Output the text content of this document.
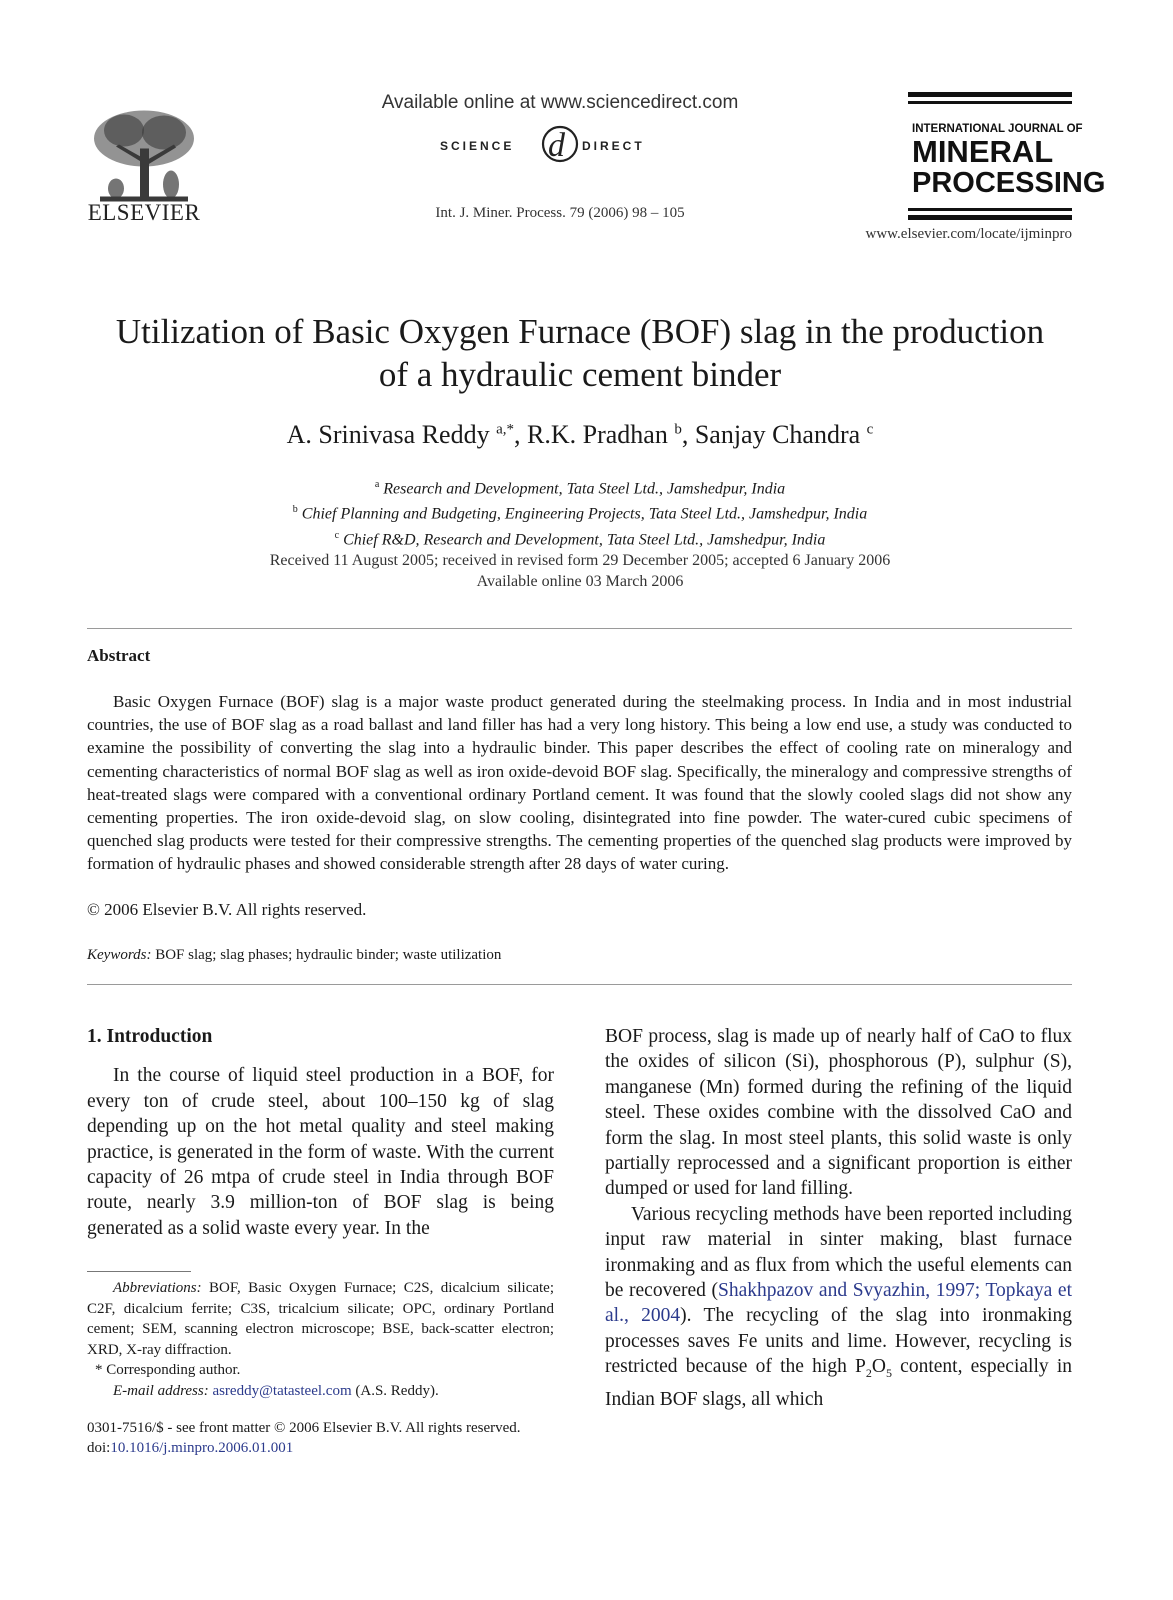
ELSEVIER
Available online at www.sciencedirect.com
SCIENCE d DIRECT
Int. J. Miner. Process. 79 (2006) 98 – 105
INTERNATIONAL JOURNAL OF
MINERAL
PROCESSING
www.elsevier.com/locate/ijminpro
Utilization of Basic Oxygen Furnace (BOF) slag in the production
of a hydraulic cement binder
A. Srinivasa Reddy $^{a,*}$, R.K. Pradhan $^b$, Sanjay Chandra $^c$
$^a$ Research and Development, Tata Steel Ltd., Jamshedpur, India
$^b$ Chief Planning and Budgeting, Engineering Projects, Tata Steel Ltd., Jamshedpur, India
$^c$ Chief R&D, Research and Development, Tata Steel Ltd., Jamshedpur, India
Received 11 August 2005; received in revised form 29 December 2005; accepted 6 January 2006
Available online 03 March 2006
Abstract
Basic Oxygen Furnace (BOF) slag is a major waste product generated during the steelmaking process. In India and in most industrial countries, the use of BOF slag as a road ballast and land filler has had a very long history. This being a low end use, a study was conducted to examine the possibility of converting the slag into a hydraulic binder. This paper describes the effect of cooling rate on mineralogy and cementing characteristics of normal BOF slag as well as iron oxide-devoid BOF slag. Specifically, the mineralogy and compressive strengths of heat-treated slags were compared with a conventional ordinary Portland cement. It was found that the slowly cooled slags did not show any cementing properties. The iron oxide-devoid slag, on slow cooling, disintegrated into fine powder. The water-cured cubic specimens of quenched slag products were tested for their compressive strengths. The cementing properties of the quenched slag products were improved by formation of hydraulic phases and showed considerable strength after 28 days of water curing.
© 2006 Elsevier B.V. All rights reserved.
Keywords: BOF slag; slag phases; hydraulic binder; waste utilization

1. Introduction

In the course of liquid steel production in a BOF, for every ton of crude steel, about 100–150 kg of slag depending up on the hot metal quality and steel making practice, is generated in the form of waste. With the current capacity of 26 mtpa of crude steel in India through BOF route, nearly 3.9 million-ton of BOF slag is being generated as a solid waste every year. In the

BOF process, slag is made up of nearly half of CaO to flux the oxides of silicon (Si), phosphorous (P), sulphur (S), manganese (Mn) formed during the refining of the liquid steel. These oxides combine with the dissolved CaO and form the slag. In most steel plants, this solid waste is only partially reprocessed and a significant proportion is either dumped or used for land filling.

Various recycling methods have been reported including input raw material in sinter making, blast furnace ironmaking and as flux from which the useful elements can be recovered (Shakhpazov and Svyazhin, 1997; Topkaya et al., 2004). The recycling of the slag into ironmaking processes saves Fe units and lime. However, recycling is restricted because of the high $P_2O_5$ content, especially in Indian BOF slags, all which

Abbreviations: BOF, Basic Oxygen Furnace; C2S, dicalcium silicate; C2F, dicalcium ferrite; C3S, tricalcium silicate; OPC, ordinary Portland cement; SEM, scanning electron microscope; BSE, back-scatter electron; XRD, X-ray diffraction.

* Corresponding author.

E-mail address: asreddy@tatasteel.com (A.S. Reddy).

0301-7516/$ - see front matter © 2006 Elsevier B.V. All rights reserved.
doi:10.1016/j.minpro.2006.01.001
